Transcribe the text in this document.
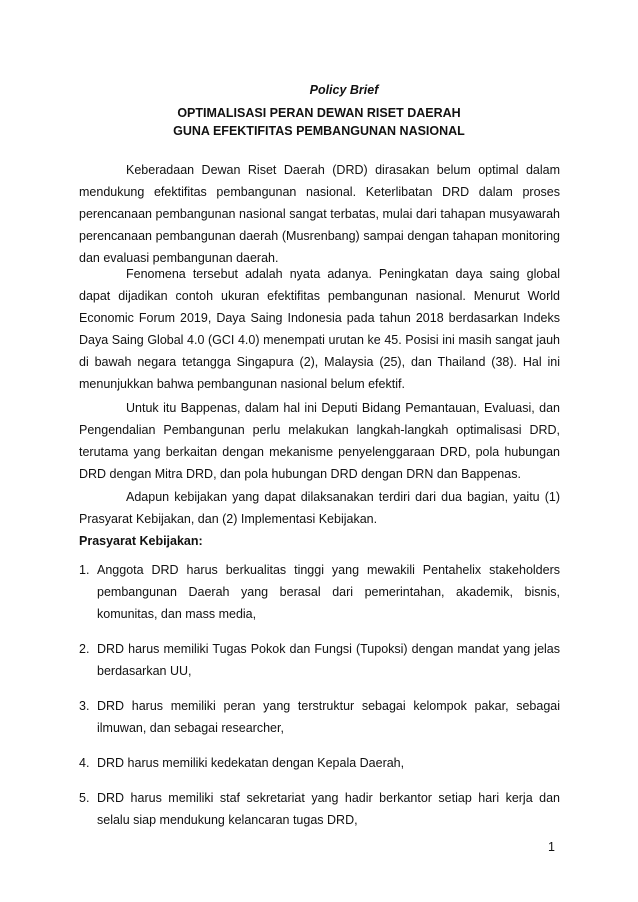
Policy Brief
OPTIMALISASI PERAN DEWAN RISET DAERAH
GUNA EFEKTIFITAS PEMBANGUNAN NASIONAL

Keberadaan Dewan Riset Daerah (DRD) dirasakan belum optimal dalam mendukung efektifitas pembangunan nasional. Keterlibatan DRD dalam proses perencanaan pembangunan nasional sangat terbatas, mulai dari tahapan musyawarah perencanaan pembangunan daerah (Musrenbang) sampai dengan tahapan monitoring dan evaluasi pembangunan daerah.

Fenomena tersebut adalah nyata adanya. Peningkatan daya saing global dapat dijadikan contoh ukuran efektifitas pembangunan nasional. Menurut World Economic Forum 2019, Daya Saing Indonesia pada tahun 2018 berdasarkan Indeks Daya Saing Global 4.0 (GCI 4.0) menempati urutan ke 45. Posisi ini masih sangat jauh di bawah negara tetangga Singapura (2), Malaysia (25), dan Thailand (38). Hal ini menunjukkan bahwa pembangunan nasional belum efektif.

Untuk itu Bappenas, dalam hal ini Deputi Bidang Pemantauan, Evaluasi, dan Pengendalian Pembangunan perlu melakukan langkah-langkah optimalisasi DRD, terutama yang berkaitan dengan mekanisme penyelenggaraan DRD, pola hubungan DRD dengan Mitra DRD, dan pola hubungan DRD dengan DRN dan Bappenas.

Adapun kebijakan yang dapat dilaksanakan terdiri dari dua bagian, yaitu (1) Prasyarat Kebijakan, dan (2) Implementasi Kebijakan.

Prasyarat Kebijakan:
1. Anggota DRD harus berkualitas tinggi yang mewakili Pentahelix stakeholders pembangunan Daerah yang berasal dari pemerintahan, akademik, bisnis, komunitas, dan mass media,
2. DRD harus memiliki Tugas Pokok dan Fungsi (Tupoksi) dengan mandat yang jelas berdasarkan UU,
3. DRD harus memiliki peran yang terstruktur sebagai kelompok pakar, sebagai ilmuwan, dan sebagai researcher,
4. DRD harus memiliki kedekatan dengan Kepala Daerah,
5. DRD harus memiliki staf sekretariat yang hadir berkantor setiap hari kerja dan selalu siap mendukung kelancaran tugas DRD,
1
